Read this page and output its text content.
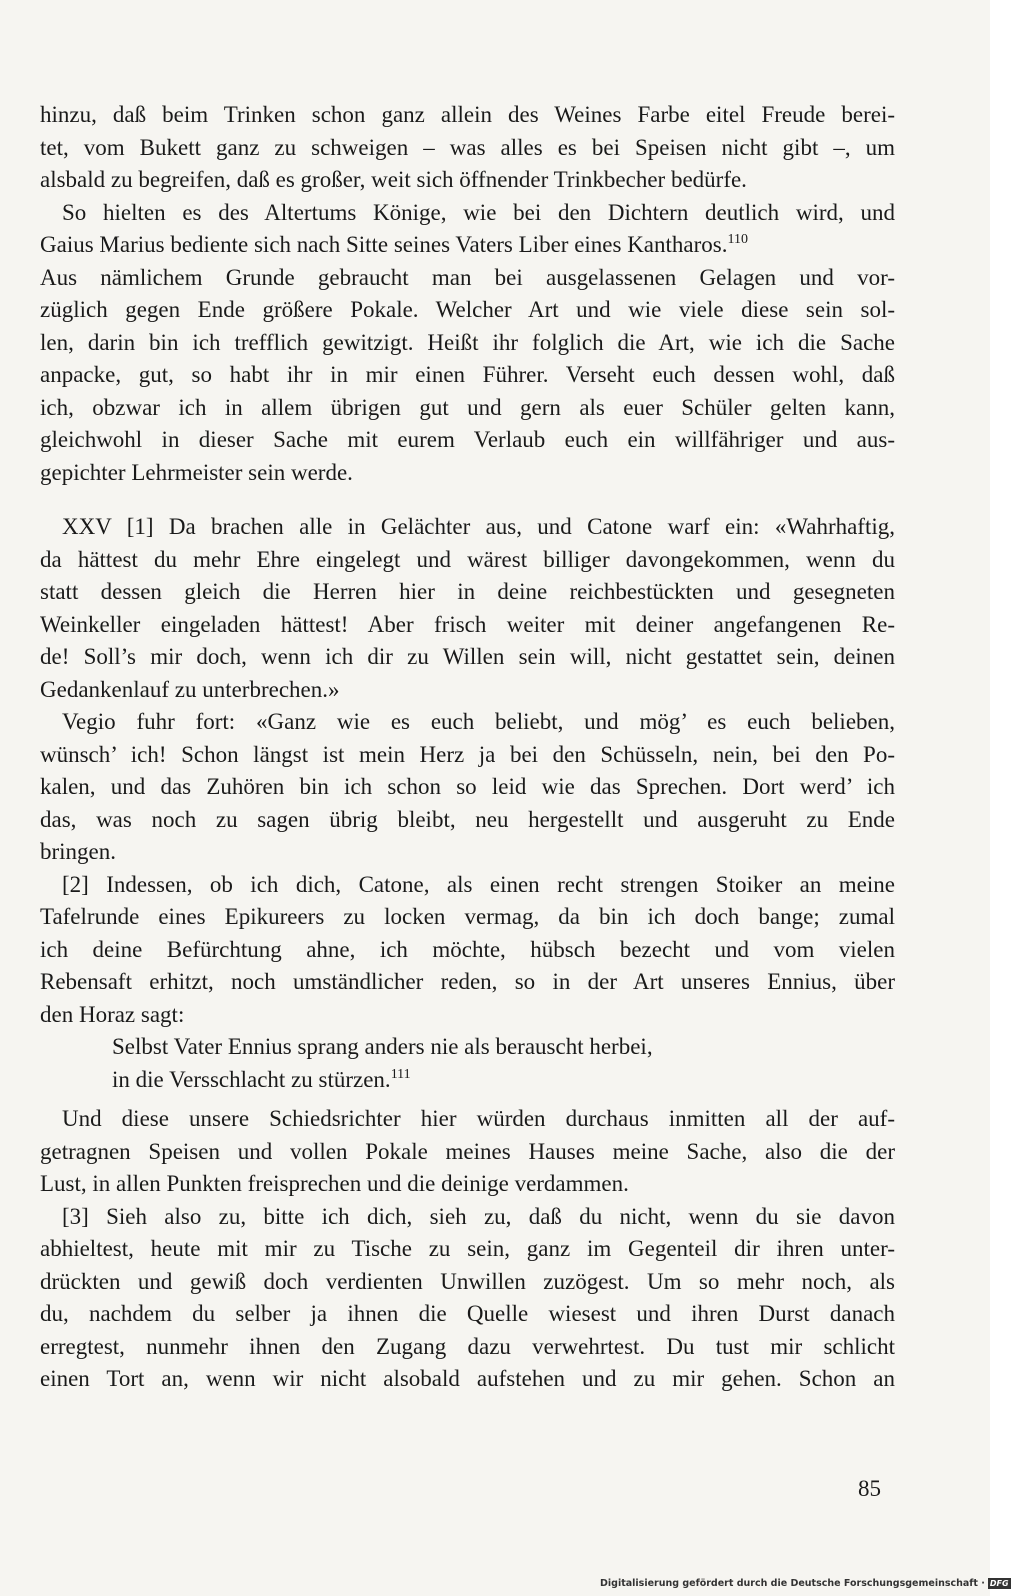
hinzu, daß beim Trinken schon ganz allein des Weines Farbe eitel Freude berei-
tet, vom Bukett ganz zu schweigen – was alles es bei Speisen nicht gibt –, um
alsbald zu begreifen, daß es großer, weit sich öffnender Trinkbecher bedürfe.
So hielten es des Altertums Könige, wie bei den Dichtern deutlich wird, und
Gaius Marius bediente sich nach Sitte seines Vaters Liber eines Kantharos.$^{110}$
Aus nämlichem Grunde gebraucht man bei ausgelassenen Gelagen und vor-
züglich gegen Ende größere Pokale. Welcher Art und wie viele diese sein sol-
len, darin bin ich trefflich gewitzigt. Heißt ihr folglich die Art, wie ich die Sache
anpacke, gut, so habt ihr in mir einen Führer. Verseht euch dessen wohl, daß
ich, obzwar ich in allem übrigen gut und gern als euer Schüler gelten kann,
gleichwohl in dieser Sache mit eurem Verlaub euch ein willfähriger und aus-
gepichter Lehrmeister sein werde.
XXV [1] Da brachen alle in Gelächter aus, und Catone warf ein: «Wahrhaftig,
da hättest du mehr Ehre eingelegt und wärest billiger davongekommen, wenn du
statt dessen gleich die Herren hier in deine reichbestückten und gesegneten
Weinkeller eingeladen hättest! Aber frisch weiter mit deiner angefangenen Re-
de! Soll’s mir doch, wenn ich dir zu Willen sein will, nicht gestattet sein, deinen
Gedankenlauf zu unterbrechen.»
Vegio fuhr fort: «Ganz wie es euch beliebt, und mög’ es euch belieben,
wünsch’ ich! Schon längst ist mein Herz ja bei den Schüsseln, nein, bei den Po-
kalen, und das Zuhören bin ich schon so leid wie das Sprechen. Dort werd’ ich
das, was noch zu sagen übrig bleibt, neu hergestellt und ausgeruht zu Ende
bringen.
[2] Indessen, ob ich dich, Catone, als einen recht strengen Stoiker an meine
Tafelrunde eines Epikureers zu locken vermag, da bin ich doch bange; zumal
ich deine Befürchtung ahne, ich möchte, hübsch bezecht und vom vielen
Rebensaft erhitzt, noch umständlicher reden, so in der Art unseres Ennius, über
den Horaz sagt:
Selbst Vater Ennius sprang anders nie als berauscht herbei,
in die Versschlacht zu stürzen.$^{111}$
Und diese unsere Schiedsrichter hier würden durchaus inmitten all der auf-
getragnen Speisen und vollen Pokale meines Hauses meine Sache, also die der
Lust, in allen Punkten freisprechen und die deinige verdammen.
[3] Sieh also zu, bitte ich dich, sieh zu, daß du nicht, wenn du sie davon
abhieltest, heute mit mir zu Tische zu sein, ganz im Gegenteil dir ihren unter-
drückten und gewiß doch verdienten Unwillen zuzögest. Um so mehr noch, als
du, nachdem du selber ja ihnen die Quelle wiesest und ihren Durst danach
erregtest, nunmehr ihnen den Zugang dazu verwehrtest. Du tust mir schlicht
einen Tort an, wenn wir nicht alsobald aufstehen und zu mir gehen. Schon an
85
Digitalisierung gefördert durch die Deutsche Forschungsgemeinschaft · DFG
